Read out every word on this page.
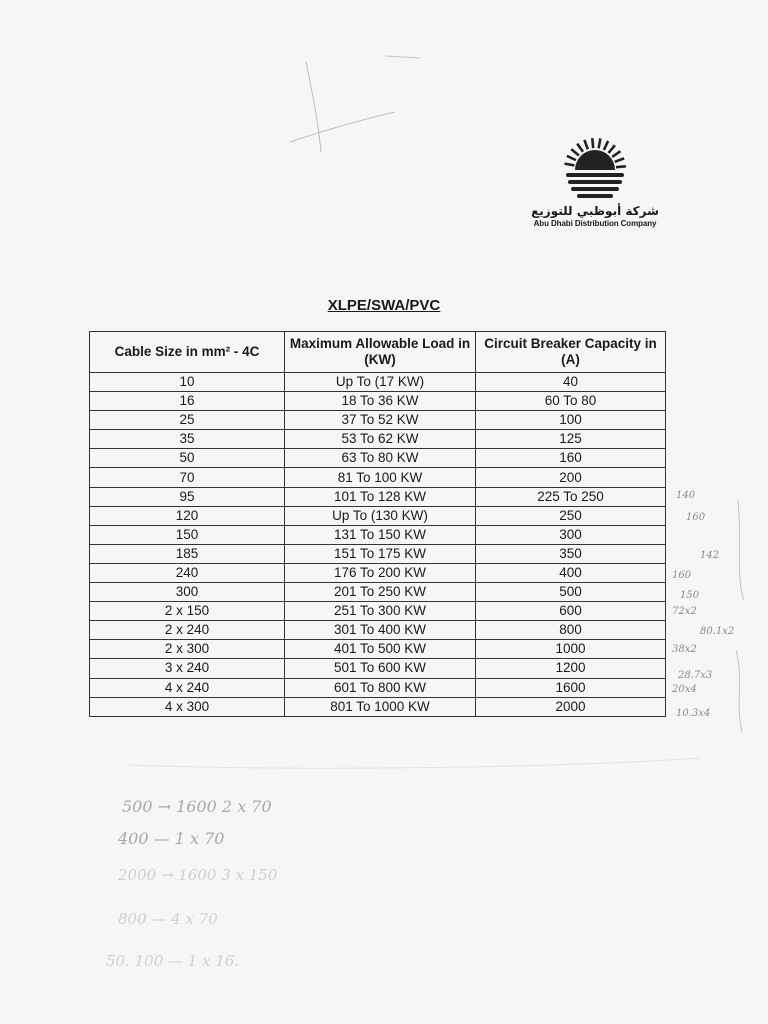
شركة أبوظبي للتوزيع
Abu Dhabi Distribution Company
XLPE/SWA/PVC
Cable Size in mm² - 4C	Maximum Allowable Load in (KW)	Circuit Breaker Capacity in (A)
10	Up To (17 KW)	40
16	18 To 36 KW	60 To 80
25	37 To 52 KW	100
35	53 To 62 KW	125
50	63 To 80 KW	160
70	81 To 100 KW	200
95	101 To 128 KW	225 To 250
120	Up To (130 KW)	250
150	131 To 150 KW	300
185	151 To 175 KW	350
240	176 To 200 KW	400
300	201 To 250 KW	500
2 x 150	251 To 300 KW	600
2 x 240	301 To 400 KW	800
2 x 300	401 To 500 KW	1000
3 x 240	501 To 600 KW	1200
4 x 240	601 To 800 KW	1600
4 x 300	801 To 1000 KW	2000
140
160
142
160
150
72x2
80.1x2
38x2
28.7x3
20x4
10.3x4
500 → 1600 2 x 70
400 — 1 x 70
2000 → 1600 3 x 150
800 — 4 x 70
50. 100 — 1 x 16.
